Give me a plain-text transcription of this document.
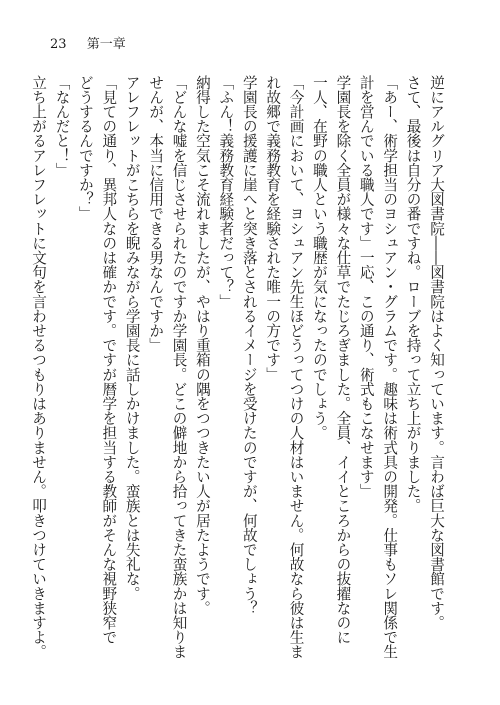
23 第一章
逆にアルグリア大図書院――図書院はよく知っています。言わば巨大な図書館です。
さて、最後は自分の番ですね。ローブを持って立ち上がりました。
「あー、術学担当のヨシュアン・グラムです。趣味は術式具の開発。仕事もソレ関係で生
計を営んでいる職人です」一応、この通り、術式もこなせます」
学園長を除く全員が様々な仕草でたじろぎました。全員、イイところからの抜擢なのに
一人、在野の職人という職歴が気になったのでしょう。
「今計画において、ヨシュアン先生ほどうってつけの人材はいません。何故なら彼は生ま
れ故郷で義務教育を経験された唯一の方です」
学園長の援護に崖へと突き落とされるイメージを受けたのですが、何故でしょう？
「ふん！義務教育経験者だって？」
納得した空気こそ流れましたが、やはり重箱の隅をつつきたい人が居たようです。
「どんな嘘を信じさせられたのですか学園長。どこの僻地から拾ってきた蛮族かは知りま
せんが、本当に信用できる男なんですか」
アレフレットがこちらを睨みながら学園長に話しかけました。蛮族とは失礼な。
「見ての通り、異邦人なのは確かです。ですが暦学を担当する教師がそんな視野狭窄で
どうするんですか？」
「なんだと！」
立ち上がるアレフレットに文句を言わせるつもりはありません。叩きつけていきますよ。
